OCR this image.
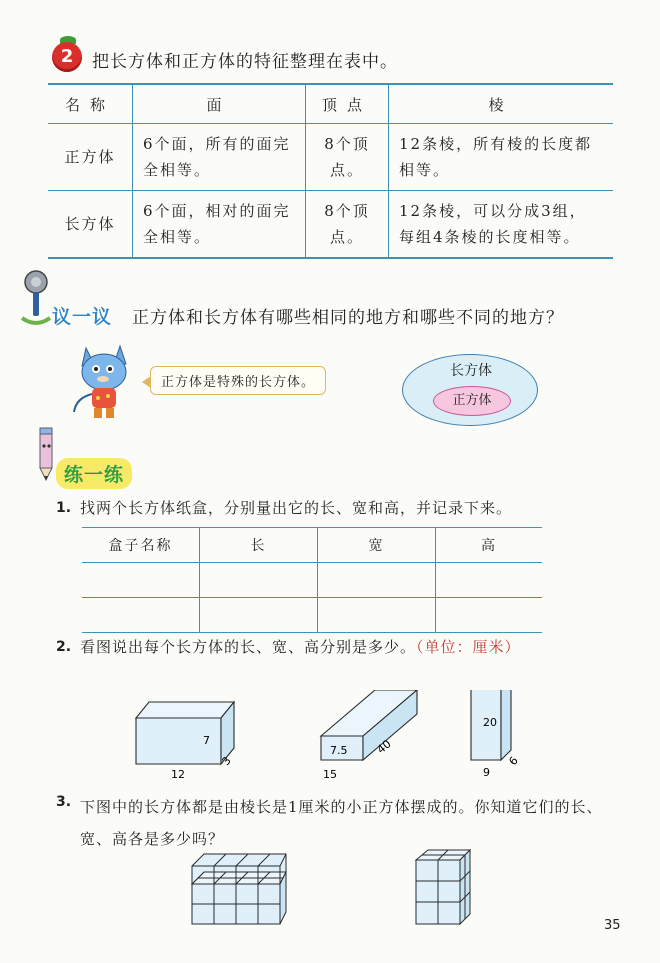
2	把长方体和正方体的特征整理在表中。
名称	面	顶点	棱
正方体	6个面，所有的面完全相等。	8个顶点。	12条棱，所有棱的长度都相等。
长方体	6个面，相对的面完全相等。	8个顶点。	12条棱，可以分成3组，每组4条棱的长度相等。
议一议 正方体和长方体有哪些相同的地方和哪些不同的地方？
正方体是特殊的长方体。
长方体
正方体
练一练
1. 找两个长方体纸盒，分别量出它的长、宽和高，并记录下来。
盒子名称	长	宽	高

2. 看图说出每个长方体的长、宽、高分别是多少。（单位：厘米）
7
12
3
7.5
15
40
20
9
6
3. 下图中的长方体都是由棱长是1厘米的小正方体摆成的。你知道它们的长、宽、高各是多少吗？
35
